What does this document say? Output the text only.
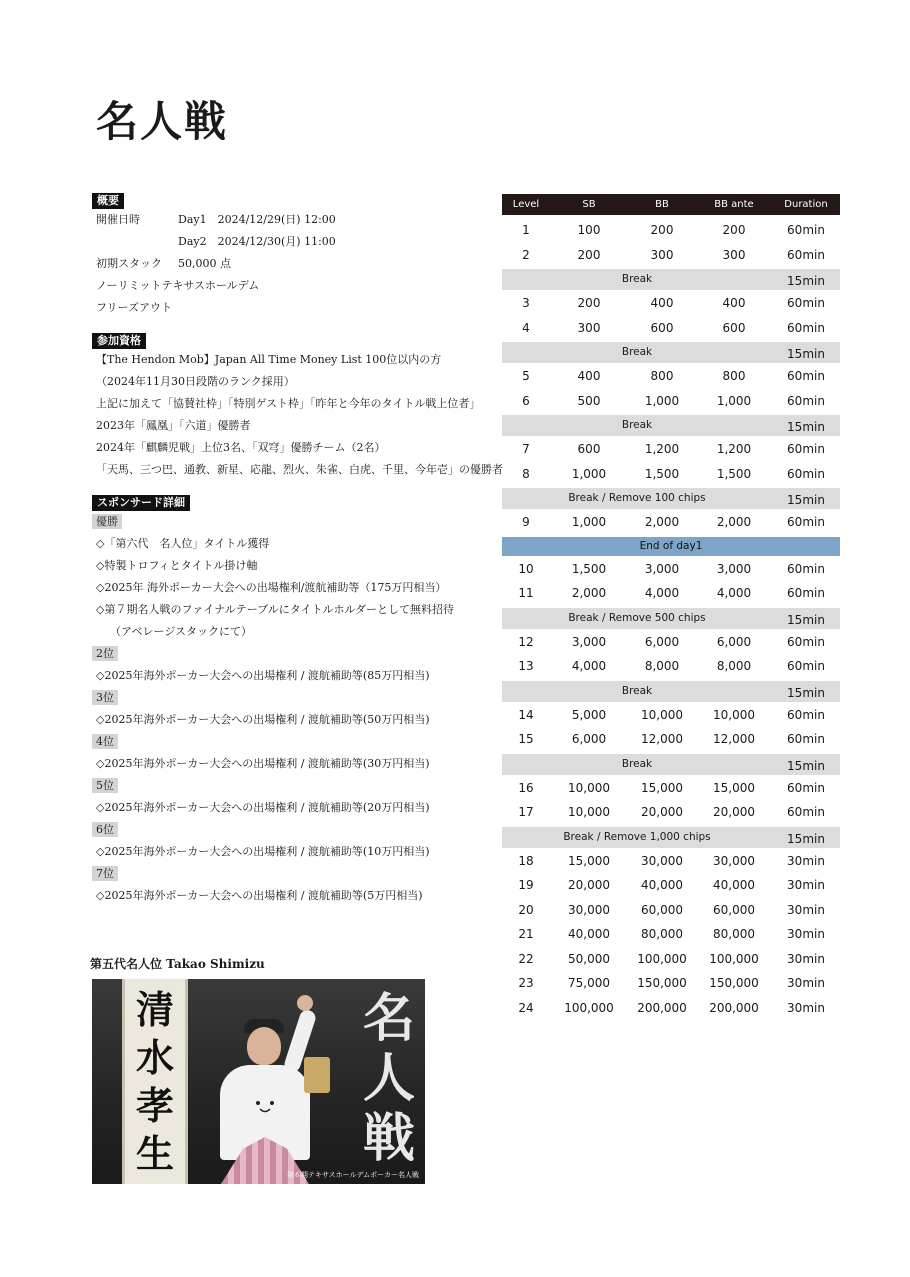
名人戦
概要
開催日時	Day1　2024/12/29(日) 12:00
Day2　2024/12/30(月) 11:00
初期スタック 50,000 点
ノーリミットテキサスホールデム
フリーズアウト
参加資格
【The Hendon Mob】Japan All Time Money List 100位以内の方
（2024年11月30日段階のランク採用）
上記に加えて「協賛社枠」「特別ゲスト枠」「昨年と今年のタイトル戦上位者」
2023年「鳳凰」「六道」優勝者
2024年「麒麟児戦」上位3名、「双穹」優勝チーム（2名）
「天馬、三つ巴、通教、新星、応龍、烈火、朱雀、白虎、千里、今年壱」の優勝者
スポンサード詳細
優勝
◇「第六代　名人位」タイトル獲得
◇特製トロフィとタイトル掛け軸
◇2025年 海外ポーカー大会への出場権利/渡航補助等（175万円相当）
◇第７期名人戦のファイナルテーブルにタイトルホルダーとして無料招待
（アベレージスタックにて）
2位
◇2025年海外ポーカー大会への出場権利 / 渡航補助等(85万円相当)
3位
◇2025年海外ポーカー大会への出場権利 / 渡航補助等(50万円相当)
4位
◇2025年海外ポーカー大会への出場権利 / 渡航補助等(30万円相当)
5位
◇2025年海外ポーカー大会への出場権利 / 渡航補助等(20万円相当)
6位
◇2025年海外ポーカー大会への出場権利 / 渡航補助等(10万円相当)
7位
◇2025年海外ポーカー大会への出場権利 / 渡航補助等(5万円相当)
第五代名人位 Takao Shimizu
清
水
孝
生
名
人
戦
第６期テキサスホールデムポーカー名人戦
Level	SB	BB	BB ante	Duration
1	100	200	200	60min
2	200	300	300	60min
Break	15min
3	200	400	400	60min
4	300	600	600	60min
Break	15min
5	400	800	800	60min
6	500	1,000	1,000	60min
Break	15min
7	600	1,200	1,200	60min
8	1,000	1,500	1,500	60min
Break / Remove 100 chips	15min
9	1,000	2,000	2,000	60min
End of day1
10	1,500	3,000	3,000	60min
11	2,000	4,000	4,000	60min
Break / Remove 500 chips	15min
12	3,000	6,000	6,000	60min
13	4,000	8,000	8,000	60min
Break	15min
14	5,000	10,000	10,000	60min
15	6,000	12,000	12,000	60min
Break	15min
16	10,000	15,000	15,000	60min
17	10,000	20,000	20,000	60min
Break / Remove 1,000 chips	15min
18	15,000	30,000	30,000	30min
19	20,000	40,000	40,000	30min
20	30,000	60,000	60,000	30min
21	40,000	80,000	80,000	30min
22	50,000	100,000	100,000	30min
23	75,000	150,000	150,000	30min
24	100,000	200,000	200,000	30min
